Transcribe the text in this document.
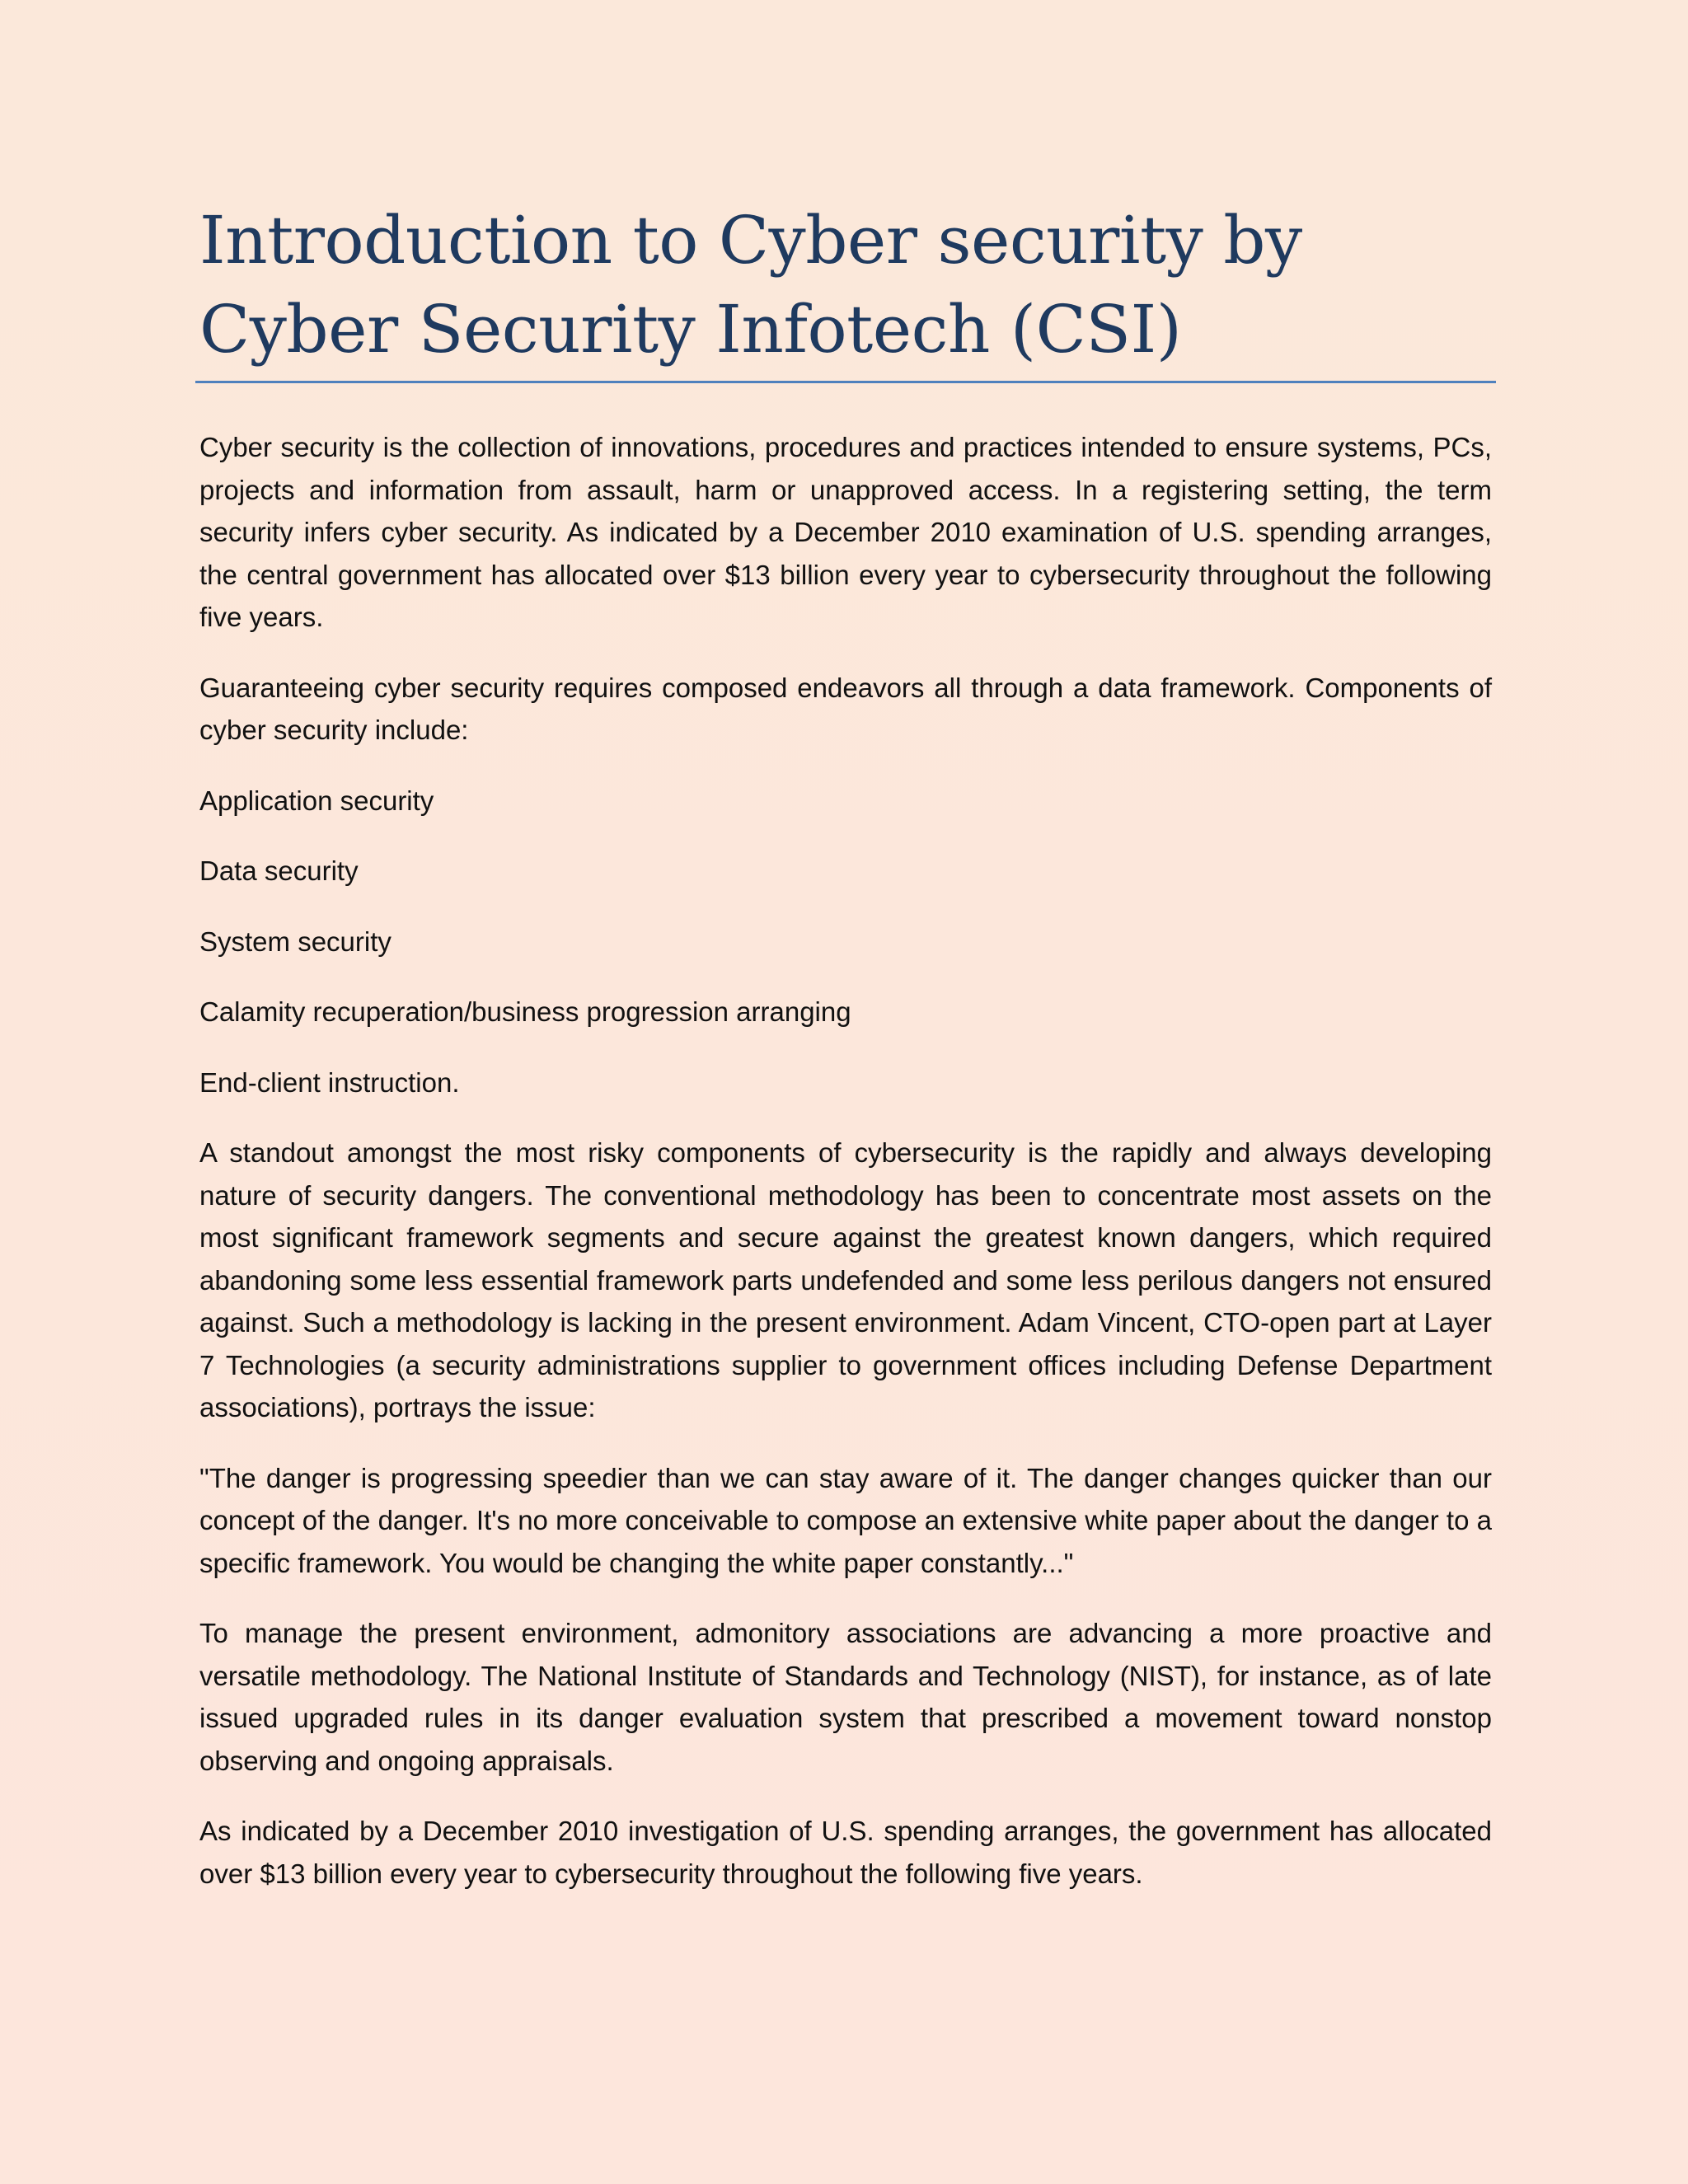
Introduction to Cyber security by Cyber Security Infotech (CSI)

Cyber security is the collection of innovations, procedures and practices intended to ensure systems, PCs, projects and information from assault, harm or unapproved access. In a registering setting, the term security infers cyber security. As indicated by a December 2010 examination of U.S. spending arranges, the central government has allocated over $13 billion every year to cybersecurity throughout the following five years.

Guaranteeing cyber security requires composed endeavors all through a data framework. Components of cyber security include:

Application security

Data security

System security

Calamity recuperation/business progression arranging

End-client instruction.

A standout amongst the most risky components of cybersecurity is the rapidly and always developing nature of security dangers. The conventional methodology has been to concentrate most assets on the most significant framework segments and secure against the greatest known dangers, which required abandoning some less essential framework parts undefended and some less perilous dangers not ensured against. Such a methodology is lacking in the present environment. Adam Vincent, CTO-open part at Layer 7 Technologies (a security administrations supplier to government offices including Defense Department associations), portrays the issue:

"The danger is progressing speedier than we can stay aware of it. The danger changes quicker than our concept of the danger. It's no more conceivable to compose an extensive white paper about the danger to a specific framework. You would be changing the white paper constantly..."

To manage the present environment, admonitory associations are advancing a more proactive and versatile methodology. The National Institute of Standards and Technology (NIST), for instance, as of late issued upgraded rules in its danger evaluation system that prescribed a movement toward nonstop observing and ongoing appraisals.

As indicated by a December 2010 investigation of U.S. spending arranges, the government has allocated over $13 billion every year to cybersecurity throughout the following five years.
